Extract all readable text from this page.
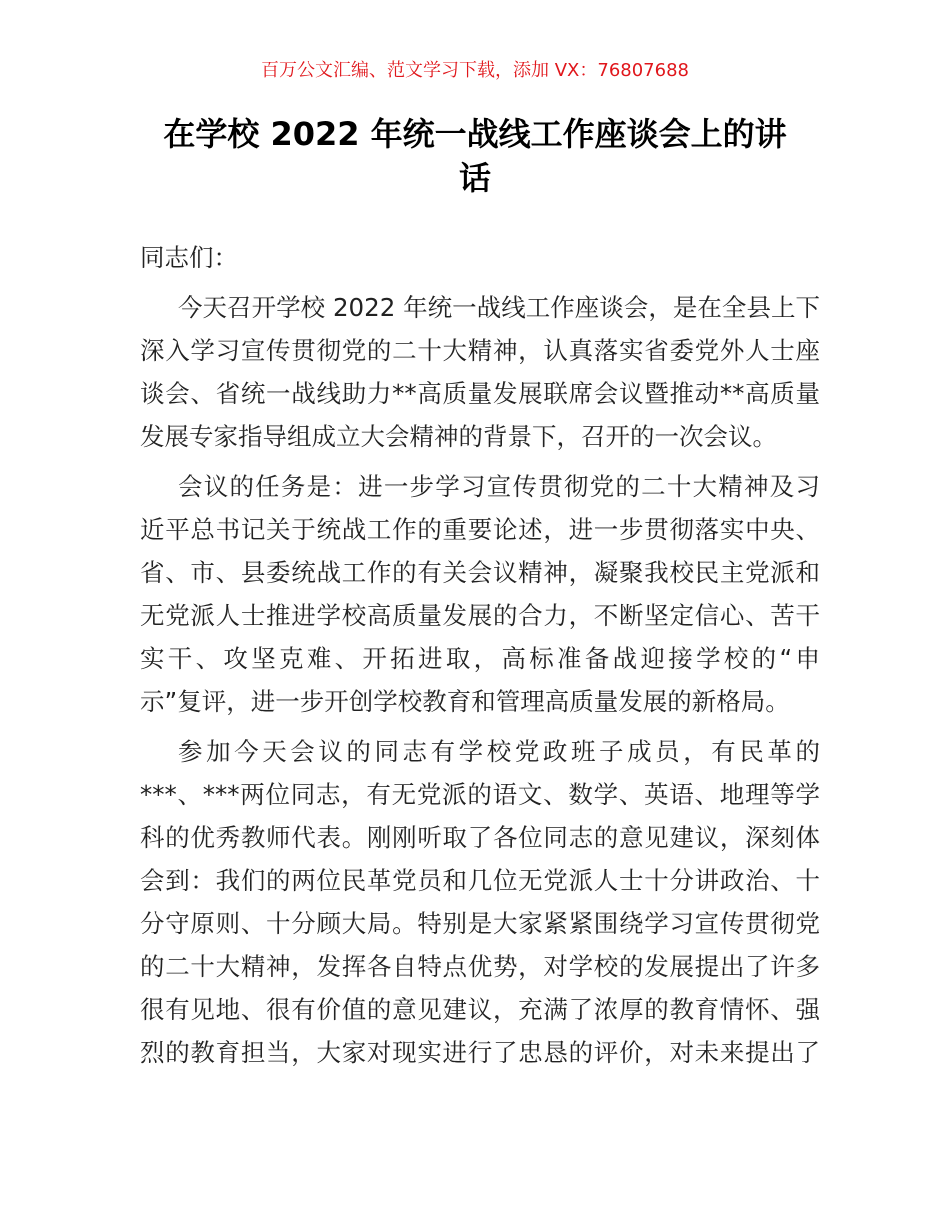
百万公文汇编、范文学习下载，添加 VX：76807688
在学校 2022 年统一战线工作座谈会上的讲
话
同志们：
今天召开学校 2022 年统一战线工作座谈会，是在全县上下
深入学习宣传贯彻党的二十大精神，认真落实省委党外人士座
谈会、省统一战线助力**高质量发展联席会议暨推动**高质量
发展专家指导组成立大会精神的背景下，召开的一次会议。
会议的任务是：进一步学习宣传贯彻党的二十大精神及习
近平总书记关于统战工作的重要论述，进一步贯彻落实中央、
省、市、县委统战工作的有关会议精神，凝聚我校民主党派和
无党派人士推进学校高质量发展的合力，不断坚定信心、苦干
实干、攻坚克难、开拓进取，高标准备战迎接学校的“申
示”复评，进一步开创学校教育和管理高质量发展的新格局。
参加今天会议的同志有学校党政班子成员，有民革的
***、***两位同志，有无党派的语文、数学、英语、地理等学
科的优秀教师代表。刚刚听取了各位同志的意见建议，深刻体
会到：我们的两位民革党员和几位无党派人士十分讲政治、十
分守原则、十分顾大局。特别是大家紧紧围绕学习宣传贯彻党
的二十大精神，发挥各自特点优势，对学校的发展提出了许多
很有见地、很有价值的意见建议，充满了浓厚的教育情怀、强
烈的教育担当，大家对现实进行了忠恳的评价，对未来提出了
